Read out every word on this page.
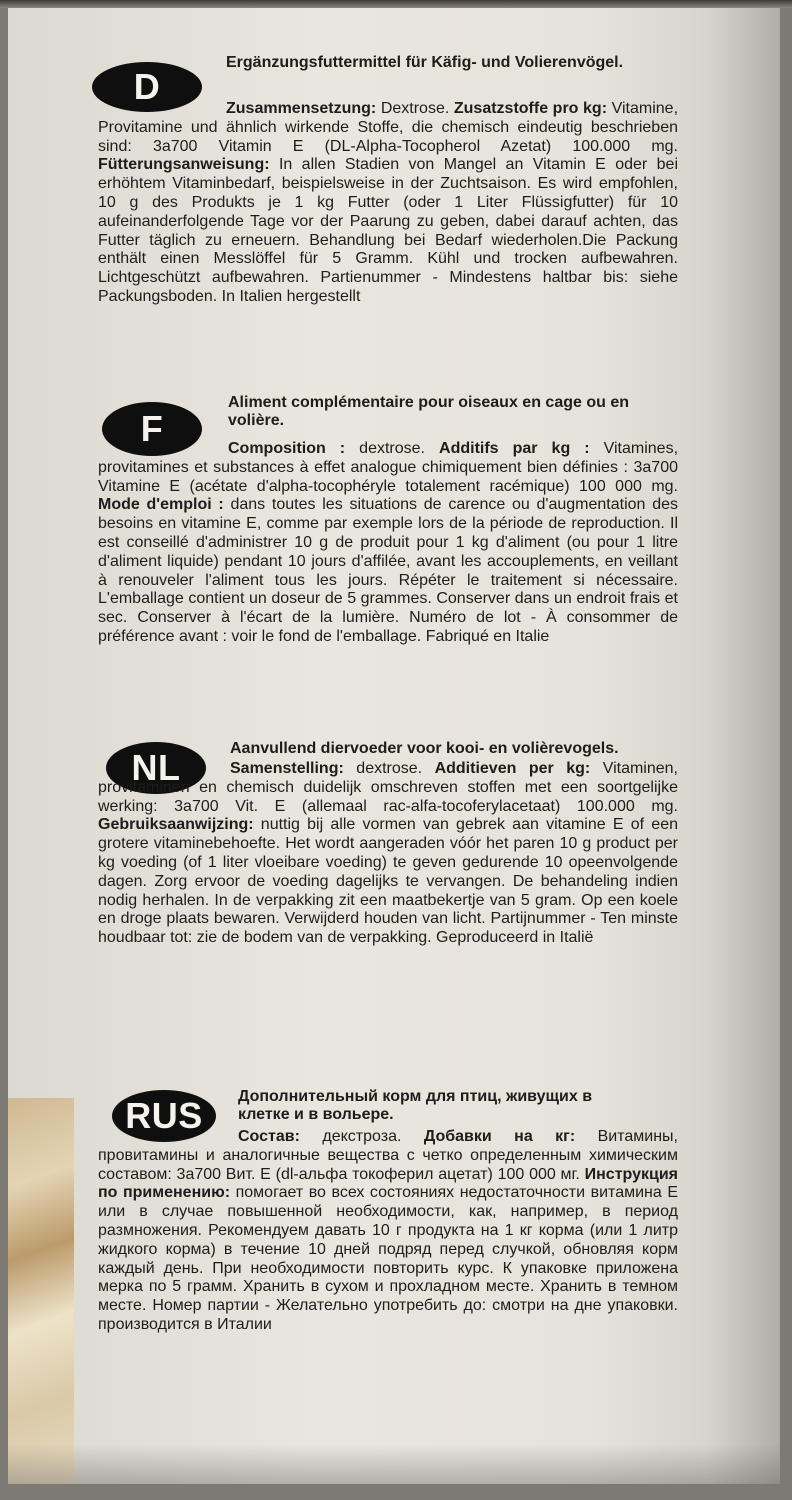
D
Ergänzungsfuttermittel für Käfig- und Volierenvögel.

Zusammensetzung: Dextrose. Zusatzstoffe pro kg: Vitamine, Provitamine und ähnlich wirkende Stoffe, die chemisch eindeutig beschrieben sind: 3a700 Vitamin E (DL-Alpha-Tocopherol Azetat) 100.000 mg. Fütterungsanweisung: In allen Stadien von Mangel an Vitamin E oder bei erhöhtem Vitaminbedarf, beispielsweise in der Zuchtsaison. Es wird empfohlen, 10 g des Produkts je 1 kg Futter (oder 1 Liter Flüssigfutter) für 10 aufeinanderfolgende Tage vor der Paarung zu geben, dabei darauf achten, das Futter täglich zu erneuern. Behandlung bei Bedarf wiederholen.Die Packung enthält einen Messlöffel für 5 Gramm. Kühl und trocken aufbewahren. Lichtgeschützt aufbewahren. Partienummer - Mindestens haltbar bis: siehe Packungsboden. In Italien hergestellt

F
Aliment complémentaire pour oiseaux en cage ou en volière.

Composition : dextrose. Additifs par kg : Vitamines, provitamines et substances à effet analogue chimiquement bien définies : 3a700 Vitamine E (acétate d'alpha-tocophéryle totalement racémique) 100 000 mg. Mode d'emploi : dans toutes les situations de carence ou d'augmentation des besoins en vitamine E, comme par exemple lors de la période de reproduction. Il est conseillé d'administrer 10 g de produit pour 1 kg d'aliment (ou pour 1 litre d'aliment liquide) pendant 10 jours d'affilée, avant les accouplements, en veillant à renouveler l'aliment tous les jours. Répéter le traitement si nécessaire. L'emballage contient un doseur de 5 grammes. Conserver dans un endroit frais et sec. Conserver à l'écart de la lumière. Numéro de lot - À consommer de préférence avant : voir le fond de l'emballage. Fabriqué en Italie

NL	Aanvullend diervoeder voor kooi- en volièrevogels.

Samenstelling: dextrose. Additieven per kg: Vitaminen, provitaminen en chemisch duidelijk omschreven stoffen met een soortgelijke werking: 3a700 Vit. E (allemaal rac-alfa-tocoferylacetaat) 100.000 mg. Gebruiksaanwijzing: nuttig bij alle vormen van gebrek aan vitamine E of een grotere vitaminebehoefte. Het wordt aangeraden vóór het paren 10 g product per kg voeding (of 1 liter vloeibare voeding) te geven gedurende 10 opeenvolgende dagen. Zorg ervoor de voeding dagelijks te vervangen. De behandeling indien nodig herhalen. In de verpakking zit een maatbekertje van 5 gram. Op een koele en droge plaats bewaren. Verwijderd houden van licht. Partijnummer - Ten minste houdbaar tot: zie de bodem van de verpakking. Geproduceerd in Italië

RUS	Дополнительный корм для птиц, живущих в клетке и в вольере.

Состав: декстроза. Добавки на кг: Витамины, провитамины и аналогичные вещества с четко определенным химическим составом: 3a700 Вит. E (dl-альфа токоферил ацетат) 100 000 мг. Инструкция по применению: помогает во всех состояниях недостаточности витамина Е или в случае повышенной необходимости, как, например, в период размножения. Рекомендуем давать 10 г продукта на 1 кг корма (или 1 литр жидкого корма) в течение 10 дней подряд перед случкой, обновляя корм каждый день. При необходимости повторить курс. К упаковке приложена мерка по 5 грамм. Хранить в сухом и прохладном месте. Хранить в темном месте. Номер партии - Желательно употребить до: смотри на дне упаковки. производится в Италии
